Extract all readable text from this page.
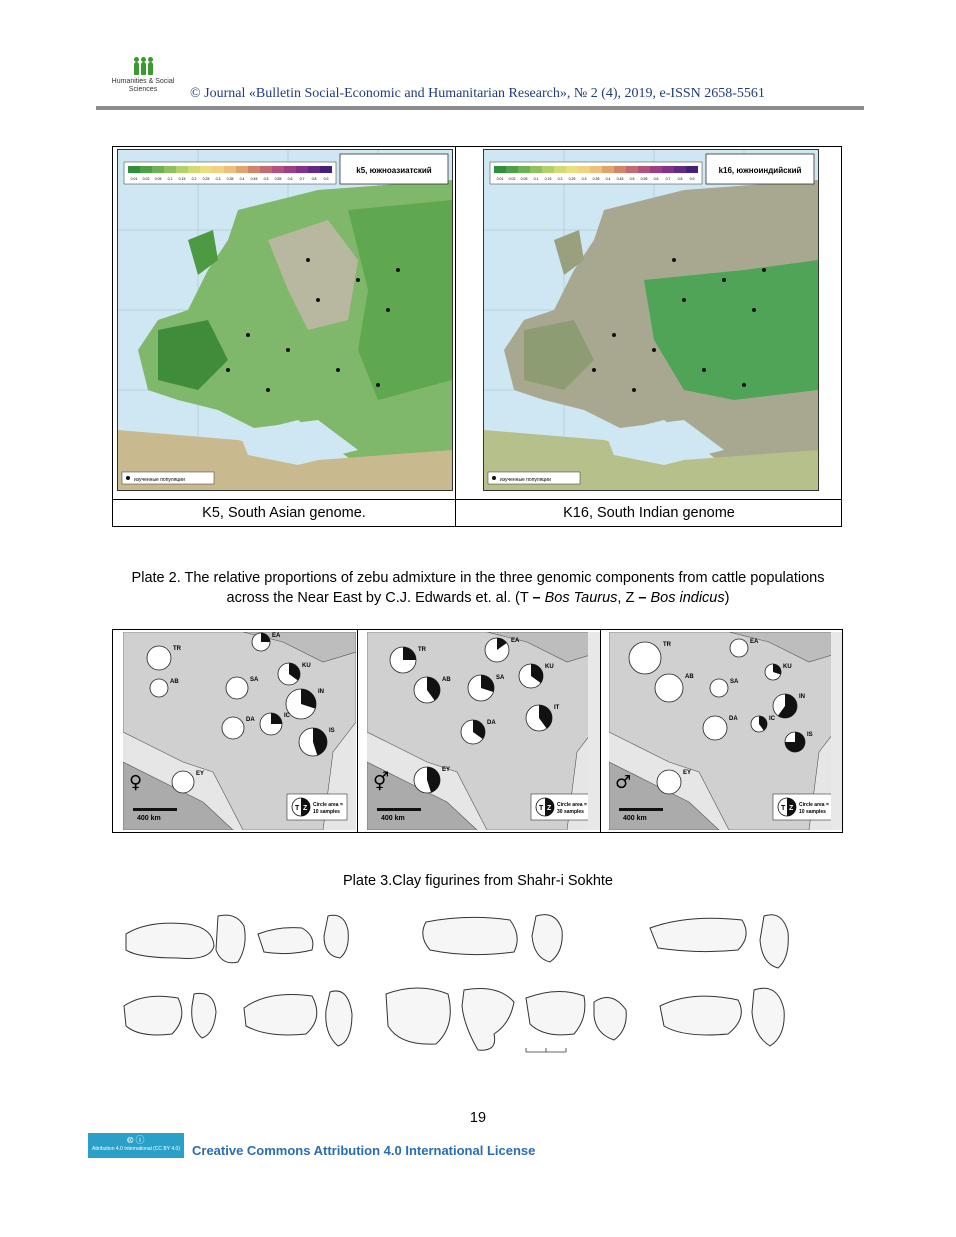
Humanities & Social Sciences	© Journal «Bulletin Social-Economic and Humanitarian Research», № 2 (4), 2019, e-ISSN 2658-5561
0.01 0.02 0.05 0.1 0.15 0.2 0.25 0.3 0.35 0.4 0.45 0.5 0.55 0.6 0.7 0.8 0.9
k5, южноазиатский
изученные популяции
0.01 0.02 0.05 0.1 0.15 0.2 0.25 0.3 0.35 0.4 0.45 0.5 0.55 0.6 0.7 0.8 0.9
k16, южноиндийский
изученные популяции
K5, South Asian genome.	K16, South Indian genome
Plate 2. The relative proportions of zebu admixture in the three genomic components from cattle populations
across the Near East by C.J. Edwards et. al. (T – Bos Taurus, Z – Bos indicus)
TR
AB
EA
KU
SA
IN
DA
IC
IS
EY
♀
T Z Circle area =
10 samples
400 km
TR
AB
EA
KU
SA
IT
DA
EY
⚥
T Z Circle area =
30 samples
400 km
TR
AB
EA
KU
SA
IN
DA	IC
IS
EY
♂
T Z Circle area =
10 samples
400 km
Plate 3.Clay figurines from Shahr-i Sokhte
19
🅭 ⓘ
Attribution 4.0 International (CC BY 4.0) Creative Commons Attribution 4.0 International License
